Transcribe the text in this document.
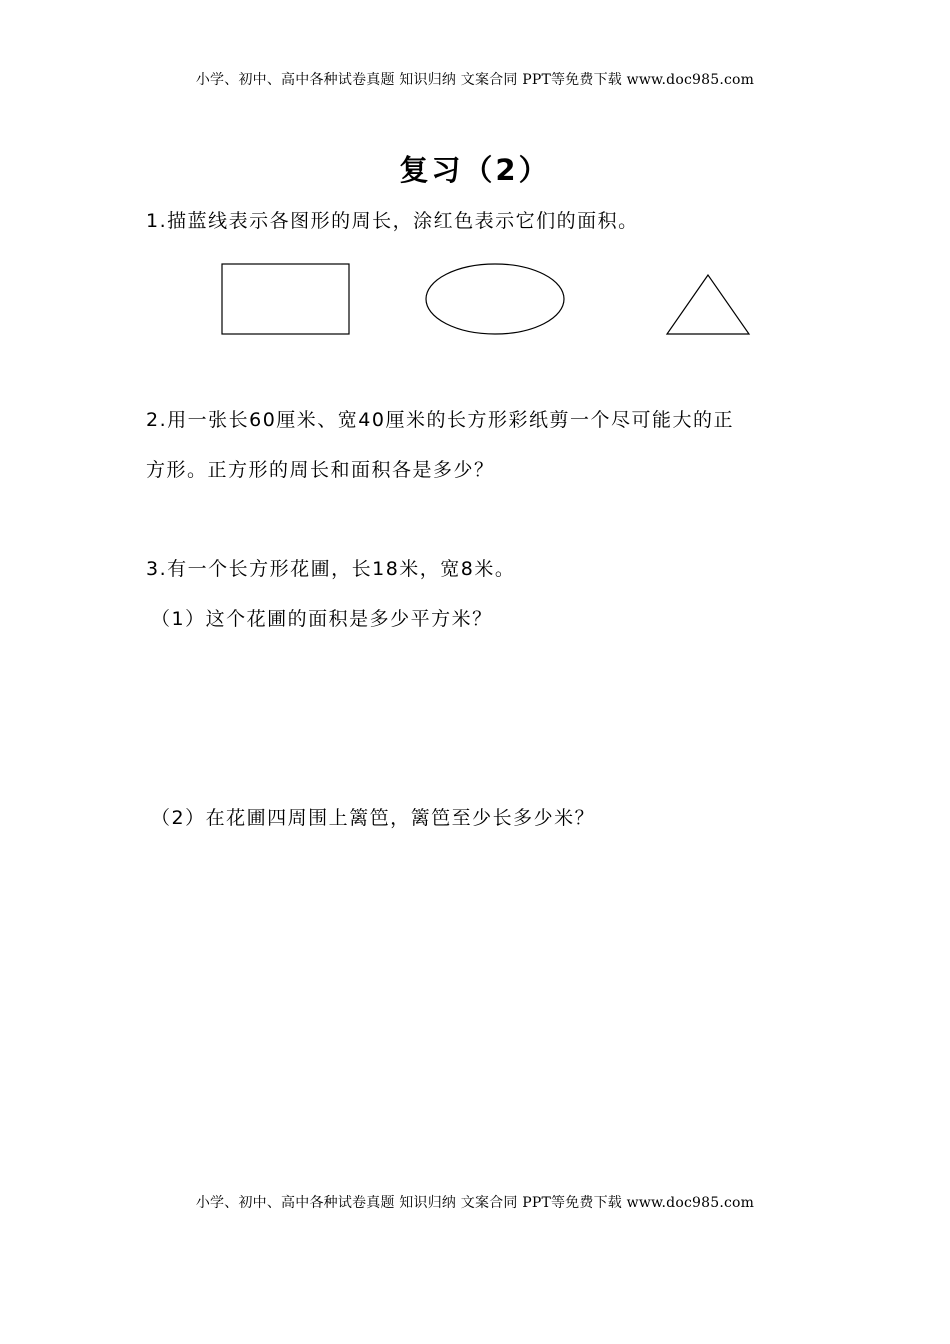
小学、初中、高中各种试卷真题 知识归纳 文案合同 PPT等免费下载 www.doc985.com
复习（2）
1.描蓝线表示各图形的周长，涂红色表示它们的面积。
2.用一张长60厘米、宽40厘米的长方形彩纸剪一个尽可能大的正
方形。正方形的周长和面积各是多少？
3.有一个长方形花圃，长18米，宽8米。
（1）这个花圃的面积是多少平方米？
（2）在花圃四周围上篱笆，篱笆至少长多少米？
小学、初中、高中各种试卷真题 知识归纳 文案合同 PPT等免费下载 www.doc985.com
